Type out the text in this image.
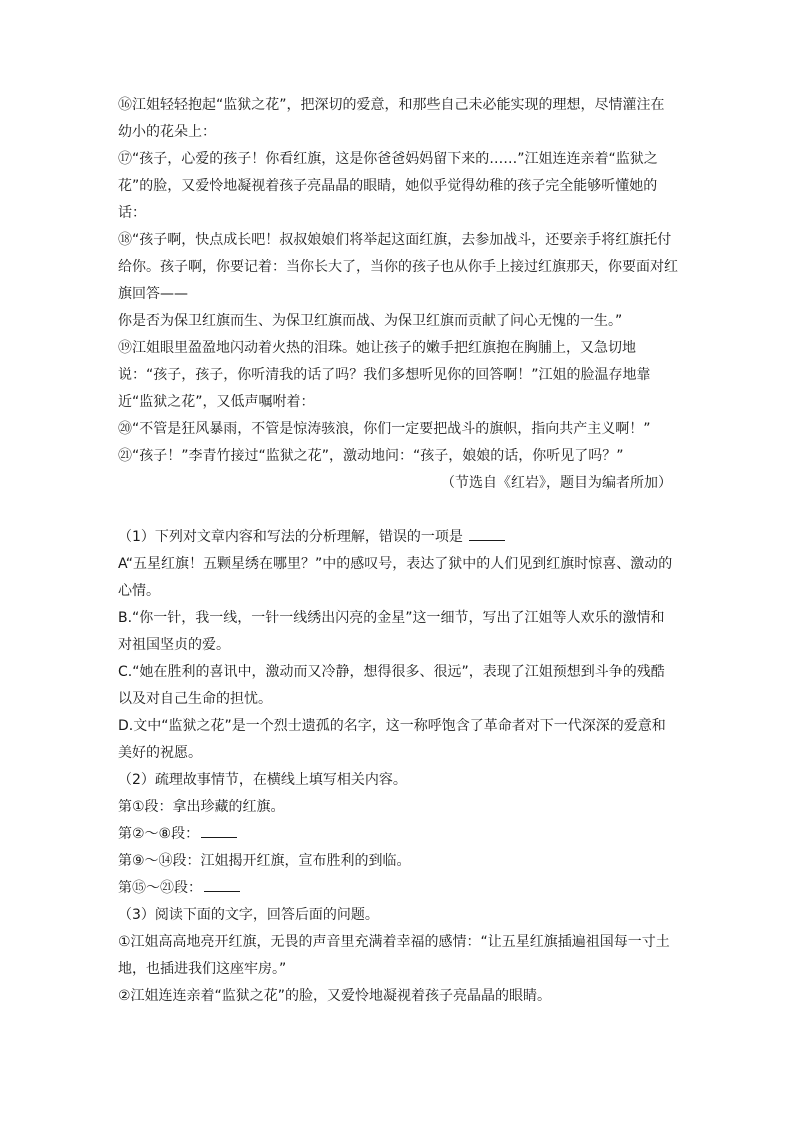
⑯江姐轻轻抱起“监狱之花”，把深切的爱意，和那些自己未必能实现的理想，尽情灌注在幼小的花朵上：

⑰“孩子，心爱的孩子！你看红旗，这是你爸爸妈妈留下来的……”江姐连连亲着“监狱之花”的脸，又爱怜地凝视着孩子亮晶晶的眼睛，她似乎觉得幼稚的孩子完全能够听懂她的话：

⑱“孩子啊，快点成长吧！叔叔娘娘们将举起这面红旗，去参加战斗，还要亲手将红旗托付给你。孩子啊，你要记着：当你长大了，当你的孩子也从你手上接过红旗那天，你要面对红旗回答——

你是否为保卫红旗而生、为保卫红旗而战、为保卫红旗而贡献了问心无愧的一生。”

⑲江姐眼里盈盈地闪动着火热的泪珠。她让孩子的嫩手把红旗抱在胸脯上，又急切地说：“孩子，孩子，你听清我的话了吗？我们多想听见你的回答啊！”江姐的脸温存地靠近“监狱之花”，又低声嘱咐着：

⑳“不管是狂风暴雨，不管是惊涛骇浪，你们一定要把战斗的旗帜，指向共产主义啊！”

㉑“孩子！”李青竹接过“监狱之花”，激动地问：“孩子，娘娘的话，你听见了吗？”

（节选自《红岩》，题目为编者所加）

（1）下列对文章内容和写法的分析理解，错误的一项是

A“五星红旗！五颗星绣在哪里？”中的感叹号，表达了狱中的人们见到红旗时惊喜、激动的心情。

B.“你一针，我一线，一针一线绣出闪亮的金星”这一细节，写出了江姐等人欢乐的激情和对祖国坚贞的爱。

C.“她在胜利的喜讯中，激动而又冷静，想得很多、很远”，表现了江姐预想到斗争的残酷以及对自己生命的担忧。

D.文中“监狱之花”是一个烈士遗孤的名字，这一称呼饱含了革命者对下一代深深的爱意和美好的祝愿。

（2）疏理故事情节，在横线上填写相关内容。

第①段：拿出珍藏的红旗。

第②～⑧段：

第⑨～⑭段：江姐揭开红旗，宣布胜利的到临。

第⑮～㉑段：

（3）阅读下面的文字，回答后面的问题。

①江姐高高地亮开红旗，无畏的声音里充满着幸福的感情：“让五星红旗插遍祖国每一寸土地，也插进我们这座牢房。”

②江姐连连亲着“监狱之花”的脸，又爱怜地凝视着孩子亮晶晶的眼睛。
